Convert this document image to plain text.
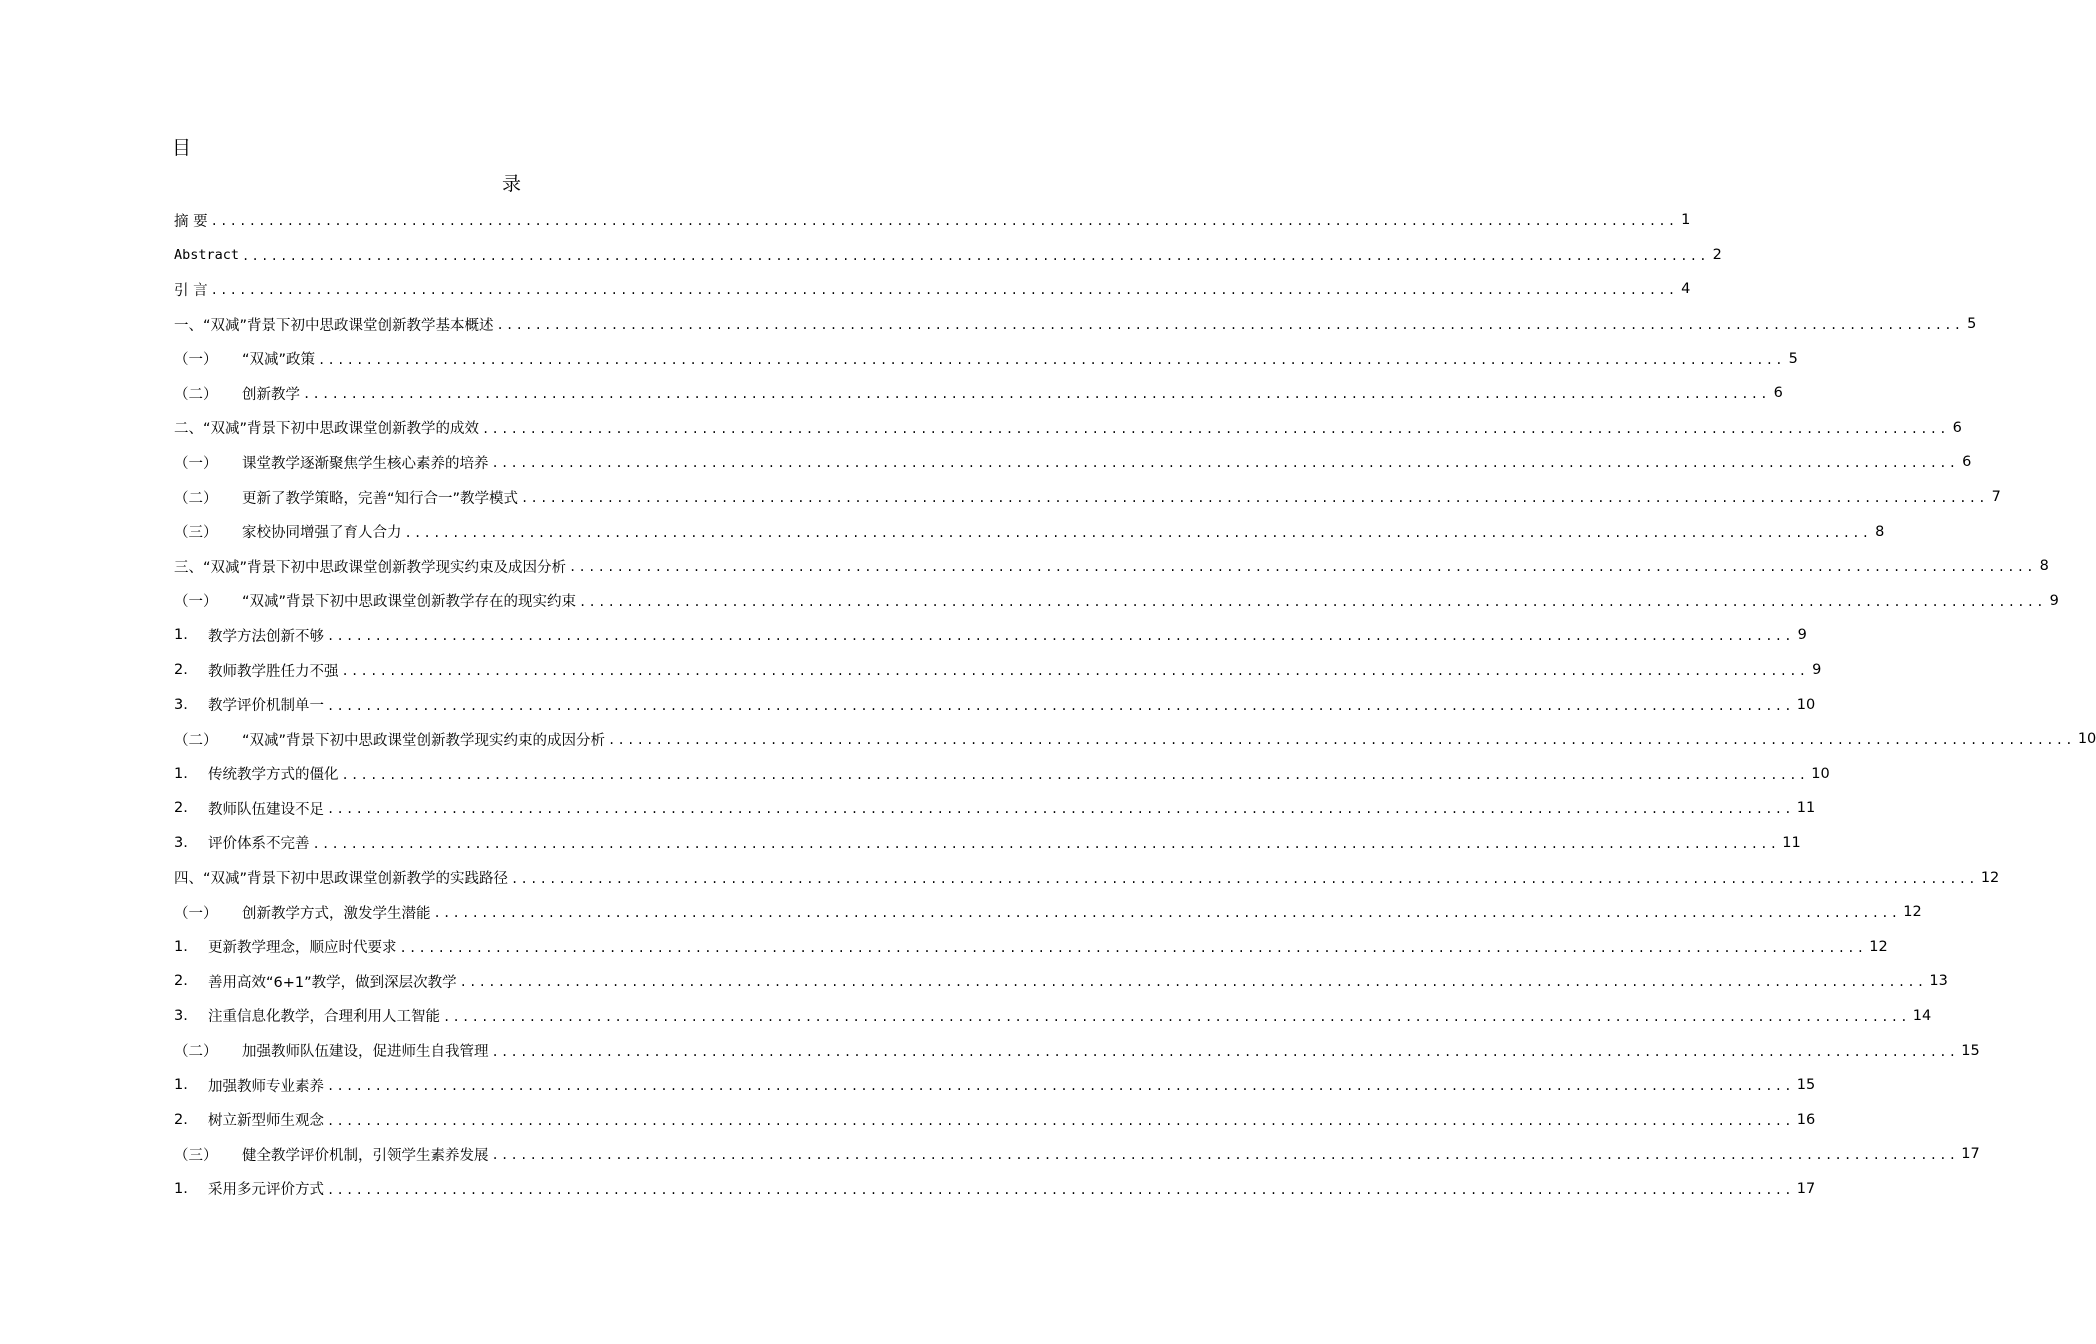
目
录
摘 要 .......................................................................................................................................................... 1
Abstract .......................................................................................................................................................... 2
引 言 .......................................................................................................................................................... 4
一、“双减”背景下初中思政课堂创新教学基本概述 .......................................................................................................................................................... 5
（一）	“双减”政策 .......................................................................................................................................................... 5
（二）	创新教学 .......................................................................................................................................................... 6
二、“双减”背景下初中思政课堂创新教学的成效 .......................................................................................................................................................... 6
（一）	课堂教学逐渐聚焦学生核心素养的培养 .......................................................................................................................................................... 6
（二）	更新了教学策略，完善“知行合一”教学模式 .......................................................................................................................................................... 7
（三）	家校协同增强了育人合力 .......................................................................................................................................................... 8
三、“双减”背景下初中思政课堂创新教学现实约束及成因分析 .......................................................................................................................................................... 8
（一）	“双减”背景下初中思政课堂创新教学存在的现实约束 .......................................................................................................................................................... 9
1.	教学方法创新不够 .......................................................................................................................................................... 9
2.	教师教学胜任力不强 .......................................................................................................................................................... 9
3.	教学评价机制单一 .......................................................................................................................................................... 10
（二）	“双减”背景下初中思政课堂创新教学现实约束的成因分析 .......................................................................................................................................................... 10
1.	传统教学方式的僵化 .......................................................................................................................................................... 10
2.	教师队伍建设不足 .......................................................................................................................................................... 11
3.	评价体系不完善 .......................................................................................................................................................... 11
四、“双减”背景下初中思政课堂创新教学的实践路径 .......................................................................................................................................................... 12
（一）	创新教学方式，激发学生潜能 .......................................................................................................................................................... 12
1.	更新教学理念，顺应时代要求 .......................................................................................................................................................... 12
2.	善用高效“6+1”教学，做到深层次教学 .......................................................................................................................................................... 13
3.	注重信息化教学，合理利用人工智能 .......................................................................................................................................................... 14
（二）	加强教师队伍建设，促进师生自我管理 .......................................................................................................................................................... 15
1.	加强教师专业素养 .......................................................................................................................................................... 15
2.	树立新型师生观念 .......................................................................................................................................................... 16
（三）	健全教学评价机制，引领学生素养发展 .......................................................................................................................................................... 17
1.	采用多元评价方式 .......................................................................................................................................................... 17
